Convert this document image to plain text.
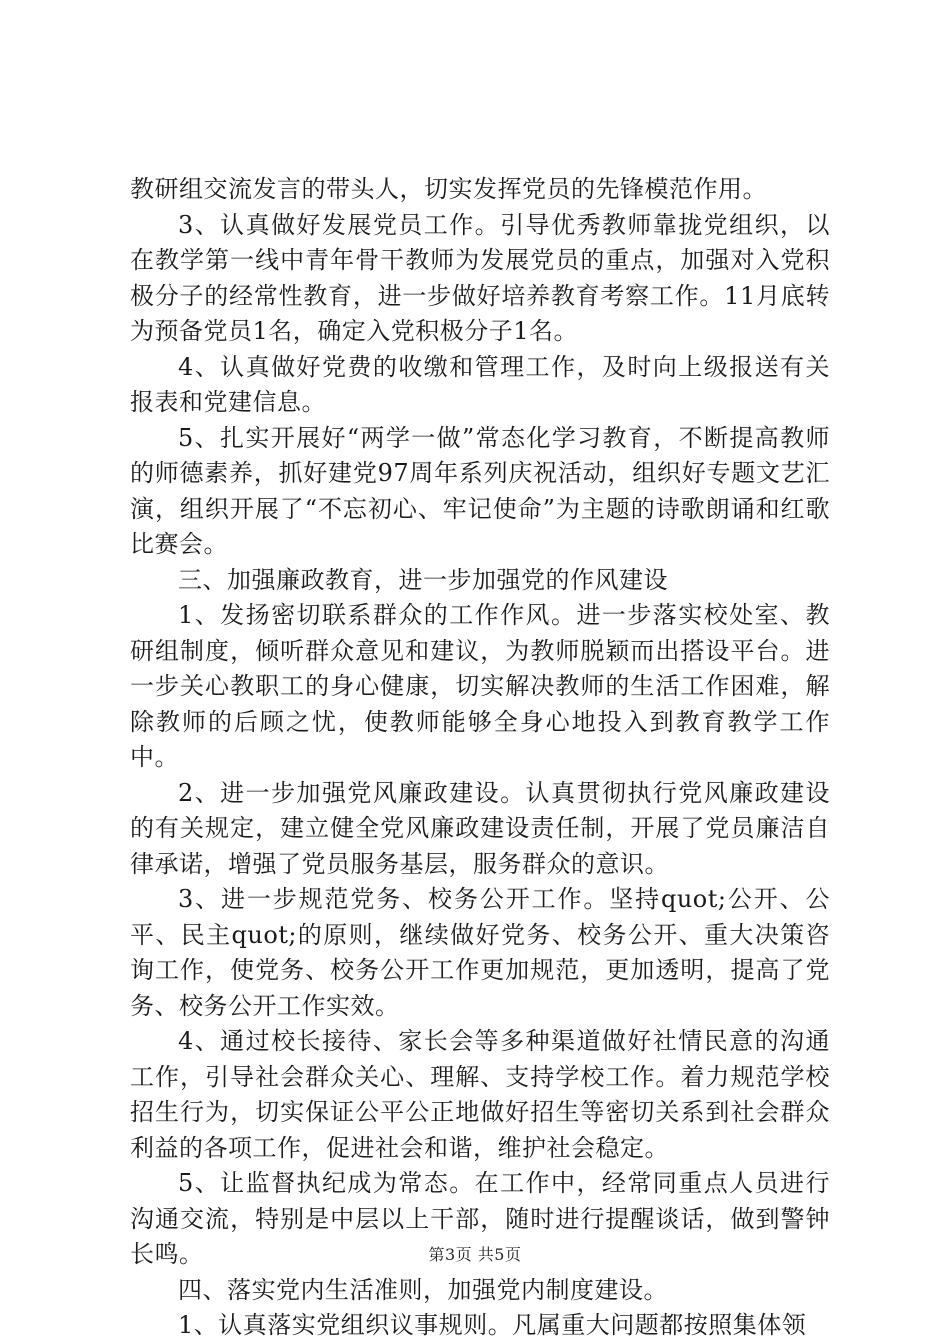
教研组交流发言的带头人，切实发挥党员的先锋模范作用。

3、认真做好发展党员工作。引导优秀教师靠拢党组织，以在教学第一线中青年骨干教师为发展党员的重点，加强对入党积极分子的经常性教育，进一步做好培养教育考察工作。11月底转为预备党员1名，确定入党积极分子1名。

4、认真做好党费的收缴和管理工作，及时向上级报送有关报表和党建信息。

5、扎实开展好“两学一做”常态化学习教育，不断提高教师的师德素养，抓好建党97周年系列庆祝活动，组织好专题文艺汇演，组织开展了“不忘初心、牢记使命”为主题的诗歌朗诵和红歌比赛会。

三、加强廉政教育，进一步加强党的作风建设

1、发扬密切联系群众的工作作风。进一步落实校处室、教研组制度，倾听群众意见和建议，为教师脱颖而出搭设平台。进一步关心教职工的身心健康，切实解决教师的生活工作困难，解除教师的后顾之忧，使教师能够全身心地投入到教育教学工作中。

2、进一步加强党风廉政建设。认真贯彻执行党风廉政建设的有关规定，建立健全党风廉政建设责任制，开展了党员廉洁自律承诺，增强了党员服务基层，服务群众的意识。

3、进一步规范党务、校务公开工作。坚持quot;公开、公平、民主quot;的原则，继续做好党务、校务公开、重大决策咨询工作，使党务、校务公开工作更加规范，更加透明，提高了党务、校务公开工作实效。

4、通过校长接待、家长会等多种渠道做好社情民意的沟通工作，引导社会群众关心、理解、支持学校工作。着力规范学校招生行为，切实保证公平公正地做好招生等密切关系到社会群众利益的各项工作，促进社会和谐，维护社会稳定。

5、让监督执纪成为常态。在工作中，经常同重点人员进行沟通交流，特别是中层以上干部，随时进行提醒谈话，做到警钟长鸣。

四、落实党内生活准则，加强党内制度建设。

1、认真落实党组织议事规则。凡属重大问题都按照集体领

第3页 共5页
